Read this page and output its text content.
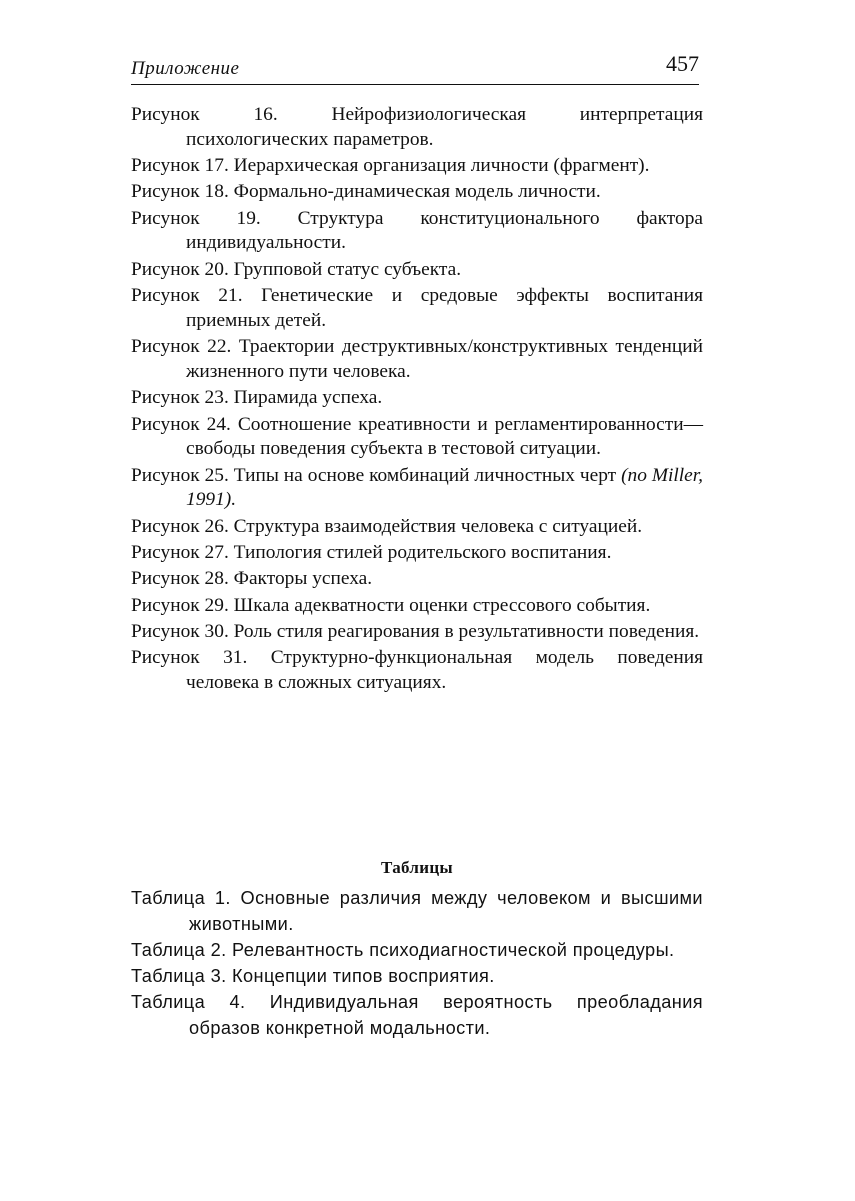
Приложение	457

Рисунок 16. Нейрофизиологическая интерпретация психологических параметров.

Рисунок 17. Иерархическая организация личности (фрагмент).

Рисунок 18. Формально-динамическая модель личности.

Рисунок 19. Структура конституционального фактора индивидуальности.

Рисунок 20. Групповой статус субъекта.

Рисунок 21. Генетические и средовые эффекты воспитания приемных детей.

Рисунок 22. Траектории деструктивных/конструктивных тенденций жизненного пути человека.

Рисунок 23. Пирамида успеха.

Рисунок 24. Соотношение креативности и регламентированности—свободы поведения субъекта в тестовой ситуации.

Рисунок 25. Типы на основе комбинаций личностных черт (по Miller, 1991).

Рисунок 26. Структура взаимодействия человека с ситуацией.

Рисунок 27. Типология стилей родительского воспитания.

Рисунок 28. Факторы успеха.

Рисунок 29. Шкала адекватности оценки стрессового события.

Рисунок 30. Роль стиля реагирования в результативности поведения.

Рисунок 31. Структурно-функциональная модель поведения человека в сложных ситуациях.

Таблицы

Таблица 1. Основные различия между человеком и высшими животными.

Таблица 2. Релевантность психодиагностической процедуры.

Таблица 3. Концепции типов восприятия.

Таблица 4. Индивидуальная вероятность преобладания образов конкретной модальности.
